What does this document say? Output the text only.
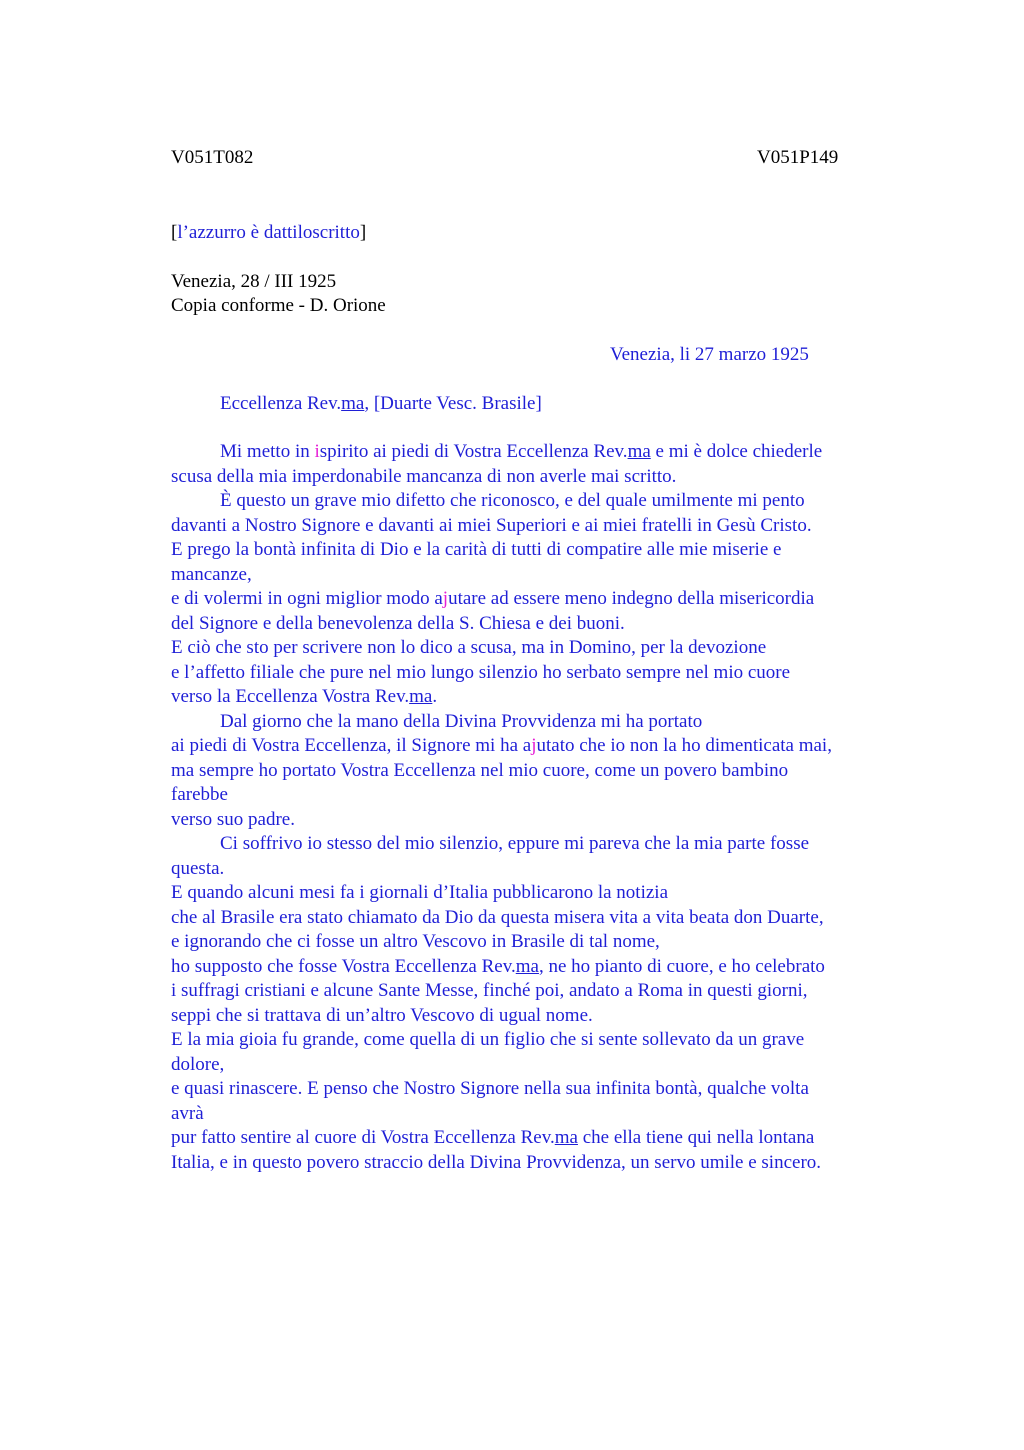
V051T082	V051P149
[l’azzurro è dattiloscritto]
Venezia, 28 / III 1925
Copia conforme - D. Orione
Venezia, li 27 marzo 1925
Eccellenza Rev.ma, [Duarte Vesc. Brasile]
Mi metto in ispirito ai piedi di Vostra Eccellenza Rev.ma e mi è dolce chiederle
scusa della mia imperdonabile mancanza di non averle mai scritto.
È questo un grave mio difetto che riconosco, e del quale umilmente mi pento
davanti a Nostro Signore e davanti ai miei Superiori e ai miei fratelli in Gesù Cristo.
E prego la bontà infinita di Dio e la carità di tutti di compatire alle mie miserie e
mancanze,
e di volermi in ogni miglior modo ajutare ad essere meno indegno della misericordia
del Signore e della benevolenza della S. Chiesa e dei buoni.
E ciò che sto per scrivere non lo dico a scusa, ma in Domino, per la devozione
e l’affetto filiale che pure nel mio lungo silenzio ho serbato sempre nel mio cuore
verso la Eccellenza Vostra Rev.ma.
Dal giorno che la mano della Divina Provvidenza mi ha portato
ai piedi di Vostra Eccellenza, il Signore mi ha ajutato che io non la ho dimenticata mai,
ma sempre ho portato Vostra Eccellenza nel mio cuore, come un povero bambino
farebbe
verso suo padre.
Ci soffrivo io stesso del mio silenzio, eppure mi pareva che la mia parte fosse
questa.
E quando alcuni mesi fa i giornali d’Italia pubblicarono la notizia
che al Brasile era stato chiamato da Dio da questa misera vita a vita beata don Duarte,
e ignorando che ci fosse un altro Vescovo in Brasile di tal nome,
ho supposto che fosse Vostra Eccellenza Rev.ma, ne ho pianto di cuore, e ho celebrato
i suffragi cristiani e alcune Sante Messe, finché poi, andato a Roma in questi giorni,
seppi che si trattava di un’altro Vescovo di ugual nome.
E la mia gioia fu grande, come quella di un figlio che si sente sollevato da un grave
dolore,
e quasi rinascere. E penso che Nostro Signore nella sua infinita bontà, qualche volta
avrà
pur fatto sentire al cuore di Vostra Eccellenza Rev.ma che ella tiene qui nella lontana
Italia, e in questo povero straccio della Divina Provvidenza, un servo umile e sincero.
